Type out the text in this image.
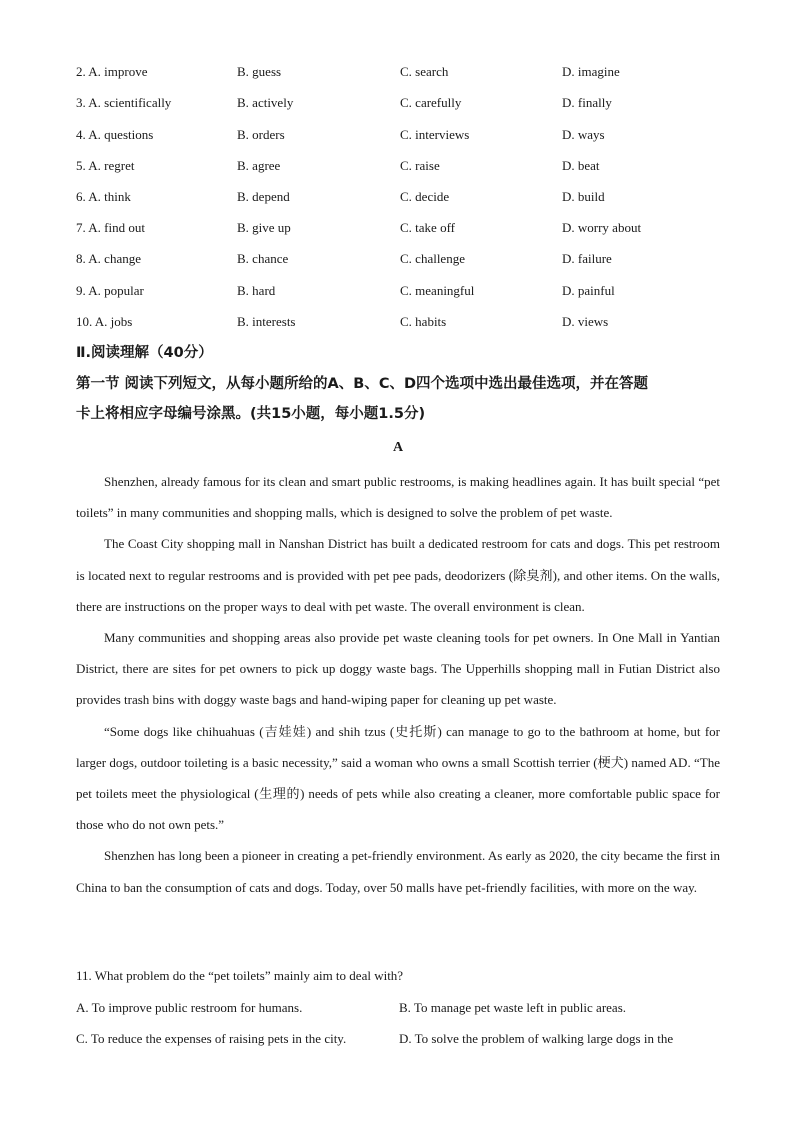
2. A. improve	B. guess	C. search	D. imagine
3. A. scientifically	B. actively	C. carefully	D. finally
4. A. questions	B. orders	C. interviews	D. ways
5. A. regret	B. agree	C. raise	D. beat
6. A. think	B. depend	C. decide	D. build
7. A. find out	B. give up	C. take off	D. worry about
8. A. change	B. chance	C. challenge	D. failure
9. A. popular	B. hard	C. meaningful	D. painful
10. A. jobs	B. interests	C. habits	D. views
Ⅱ.阅读理解（40分）
第一节 阅读下列短文，从每小题所给的A、B、C、D四个选项中选出最佳选项，并在答题
卡上将相应字母编号涂黑。(共15小题，每小题1.5分)
A

Shenzhen, already famous for its clean and smart public restrooms, is making headlines again. It has built special “pet toilets” in many communities and shopping malls, which is designed to solve the problem of pet waste.

The Coast City shopping mall in Nanshan District has built a dedicated restroom for cats and dogs. This pet restroom is located next to regular restrooms and is provided with pet pee pads, deodorizers (除臭剂), and other items. On the walls, there are instructions on the proper ways to deal with pet waste. The overall environment is clean.

Many communities and shopping areas also provide pet waste cleaning tools for pet owners. In One Mall in Yantian District, there are sites for pet owners to pick up doggy waste bags. The Upperhills shopping mall in Futian District also provides trash bins with doggy waste bags and hand-wiping paper for cleaning up pet waste.

“Some dogs like chihuahuas (吉娃娃) and shih tzus (史托斯) can manage to go to the bathroom at home, but for larger dogs, outdoor toileting is a basic necessity,” said a woman who owns a small Scottish terrier (梗犬) named AD. “The pet toilets meet the physiological (生理的) needs of pets while also creating a cleaner, more comfortable public space for those who do not own pets.”

Shenzhen has long been a pioneer in creating a pet-friendly environment. As early as 2020, the city became the first in China to ban the consumption of cats and dogs. Today, over 50 malls have pet-friendly facilities, with more on the way.

11. What problem do the “pet toilets” mainly aim to deal with?
A. To improve public restroom for humans.	B. To manage pet waste left in public areas.
C. To reduce the expenses of raising pets in the city.	D. To solve the problem of walking large dogs in the
